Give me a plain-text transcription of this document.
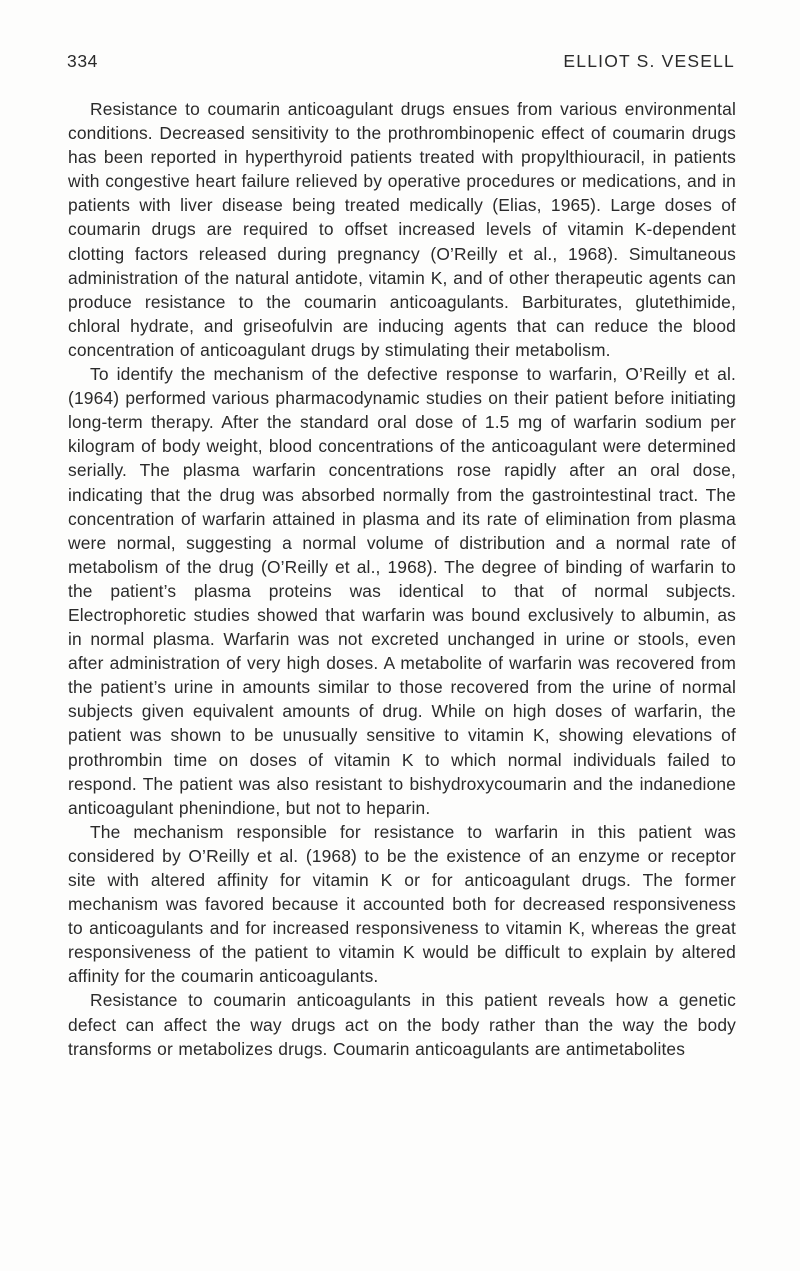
334	ELLIOT S. VESELL

Resistance to coumarin anticoagulant drugs ensues from various environmental conditions. Decreased sensitivity to the prothrombinopenic effect of coumarin drugs has been reported in hyperthyroid patients treated with propylthiouracil, in patients with congestive heart failure relieved by operative procedures or medications, and in patients with liver disease being treated medically (Elias, 1965). Large doses of coumarin drugs are required to offset increased levels of vitamin K-dependent clotting factors released during pregnancy (O’Reilly et al., 1968). Simultaneous administration of the natural antidote, vitamin K, and of other therapeutic agents can produce resistance to the coumarin anticoagulants. Barbiturates, glutethimide, chloral hydrate, and griseofulvin are inducing agents that can reduce the blood concentration of anticoagulant drugs by stimulating their metabolism.

To identify the mechanism of the defective response to warfarin, O’Reilly et al. (1964) performed various pharmacodynamic studies on their patient before initiating long-term therapy. After the standard oral dose of 1.5 mg of warfarin sodium per kilogram of body weight, blood concentrations of the anticoagulant were determined serially. The plasma warfarin concentrations rose rapidly after an oral dose, indicating that the drug was absorbed normally from the gastrointestinal tract. The concentration of warfarin attained in plasma and its rate of elimination from plasma were normal, suggesting a normal volume of distribution and a normal rate of metabolism of the drug (O’Reilly et al., 1968). The degree of binding of warfarin to the patient’s plasma proteins was identical to that of normal subjects. Electrophoretic studies showed that warfarin was bound exclusively to albumin, as in normal plasma. Warfarin was not excreted unchanged in urine or stools, even after administration of very high doses. A metabolite of warfarin was recovered from the patient’s urine in amounts similar to those recovered from the urine of normal subjects given equivalent amounts of drug. While on high doses of warfarin, the patient was shown to be unusually sensitive to vitamin K, showing elevations of prothrombin time on doses of vitamin K to which normal individuals failed to respond. The patient was also resistant to bishydroxycoumarin and the indanedione anticoagulant phenindione, but not to heparin.

The mechanism responsible for resistance to warfarin in this patient was considered by O’Reilly et al. (1968) to be the existence of an enzyme or receptor site with altered affinity for vitamin K or for anticoagulant drugs. The former mechanism was favored because it accounted both for decreased responsiveness to anticoagulants and for increased responsiveness to vitamin K, whereas the great responsiveness of the patient to vitamin K would be difficult to explain by altered affinity for the coumarin anticoagulants.

Resistance to coumarin anticoagulants in this patient reveals how a genetic defect can affect the way drugs act on the body rather than the way the body transforms or metabolizes drugs. Coumarin anticoagulants are antimetabolites
